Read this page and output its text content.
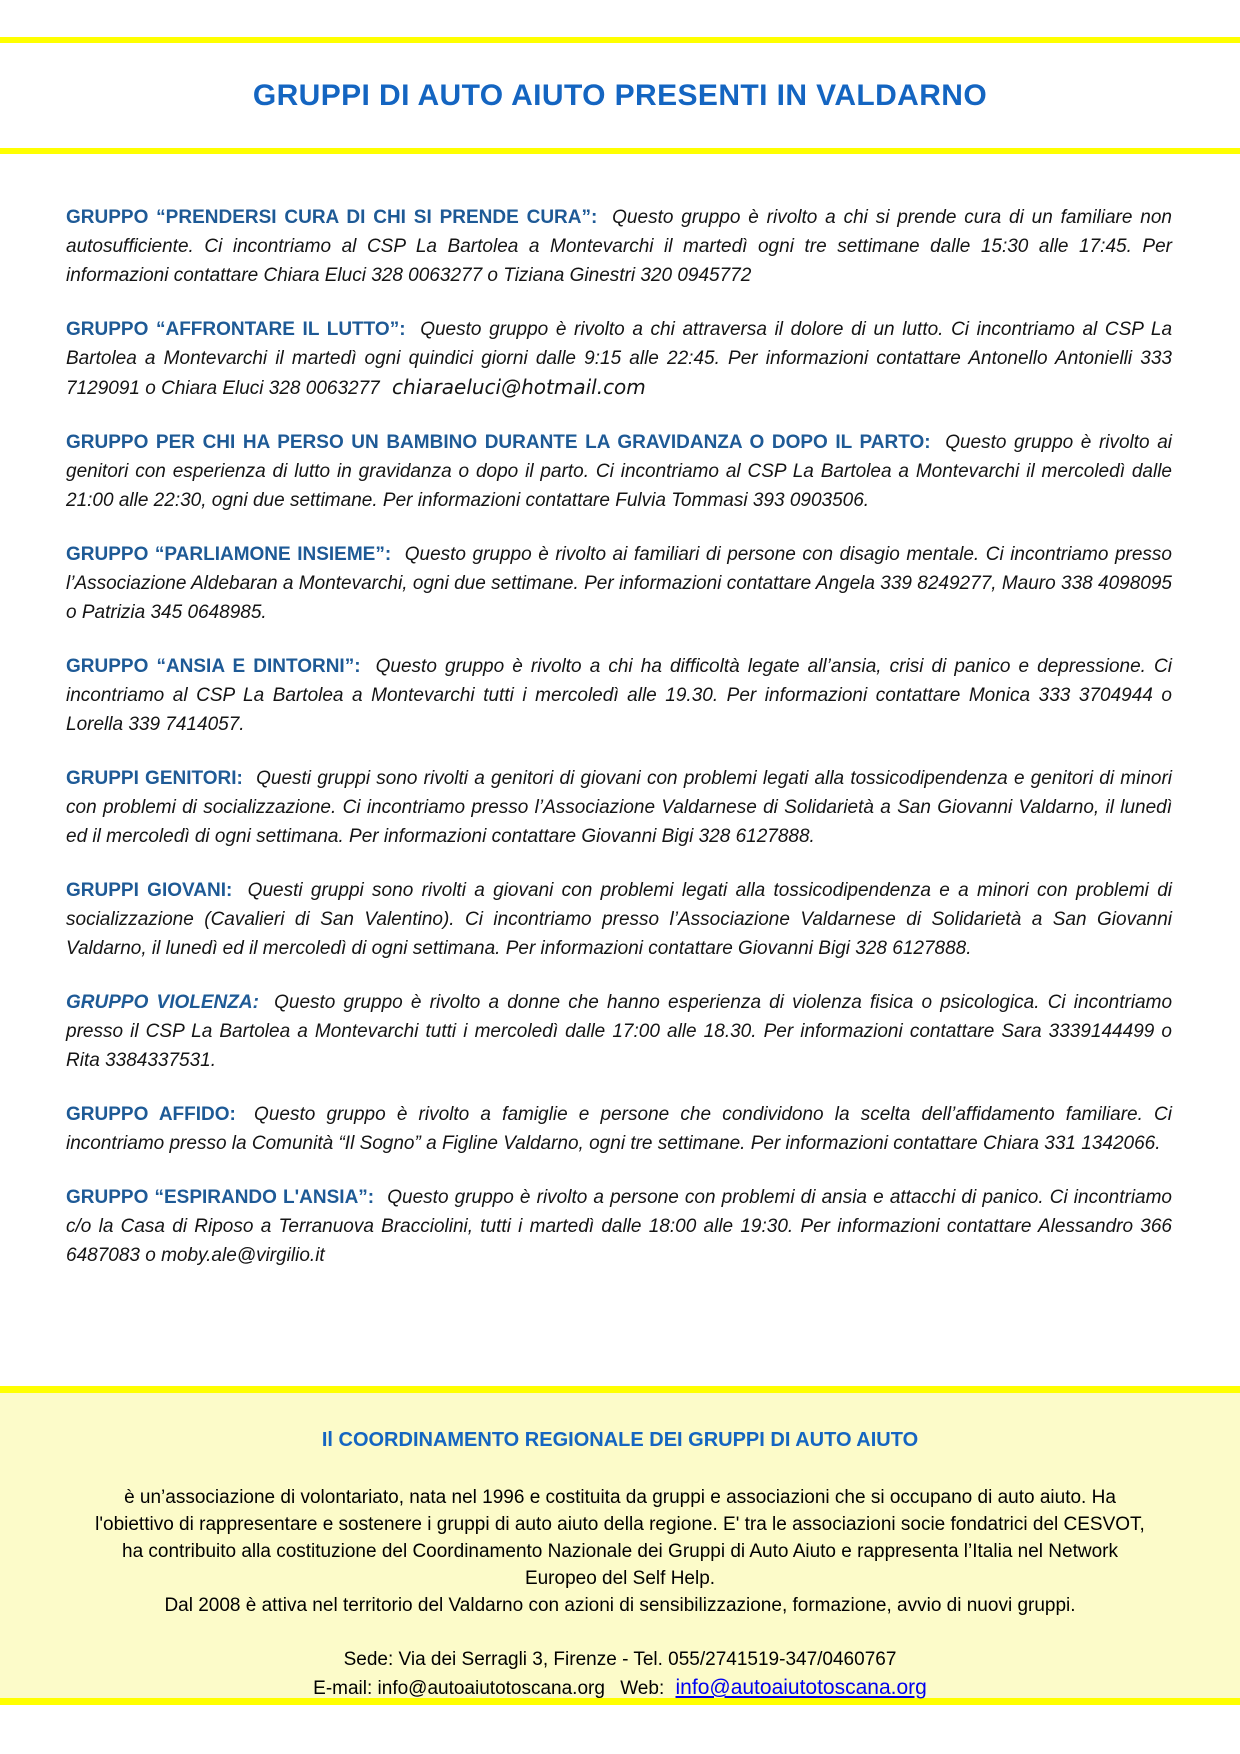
GRUPPI DI AUTO AIUTO PRESENTI IN VALDARNO

GRUPPO “PRENDERSI CURA DI CHI SI PRENDE CURA”: Questo gruppo è rivolto a chi si prende cura di un familiare non autosufficiente. Ci incontriamo al CSP La Bartolea a Montevarchi il martedì ogni tre settimane dalle 15:30 alle 17:45. Per informazioni contattare Chiara Eluci 328 0063277 o Tiziana Ginestri 320 0945772

GRUPPO “AFFRONTARE IL LUTTO”: Questo gruppo è rivolto a chi attraversa il dolore di un lutto. Ci incontriamo al CSP La Bartolea a Montevarchi il martedì ogni quindici giorni dalle 9:15 alle 22:45. Per informazioni contattare Antonello Antonielli 333 7129091 o Chiara Eluci 328 0063277 chiaraeluci@hotmail.com

GRUPPO PER CHI HA PERSO UN BAMBINO DURANTE LA GRAVIDANZA O DOPO IL PARTO: Questo gruppo è rivolto ai genitori con esperienza di lutto in gravidanza o dopo il parto. Ci incontriamo al CSP La Bartolea a Montevarchi il mercoledì dalle 21:00 alle 22:30, ogni due settimane. Per informazioni contattare Fulvia Tommasi 393 0903506.

GRUPPO “PARLIAMONE INSIEME”: Questo gruppo è rivolto ai familiari di persone con disagio mentale. Ci incontriamo presso l’Associazione Aldebaran a Montevarchi, ogni due settimane. Per informazioni contattare Angela 339 8249277, Mauro 338 4098095 o Patrizia 345 0648985.

GRUPPO “ANSIA E DINTORNI”: Questo gruppo è rivolto a chi ha difficoltà legate all’ansia, crisi di panico e depressione. Ci incontriamo al CSP La Bartolea a Montevarchi tutti i mercoledì alle 19.30. Per informazioni contattare Monica 333 3704944 o Lorella 339 7414057.

GRUPPI GENITORI: Questi gruppi sono rivolti a genitori di giovani con problemi legati alla tossicodipendenza e genitori di minori con problemi di socializzazione. Ci incontriamo presso l’Associazione Valdarnese di Solidarietà a San Giovanni Valdarno, il lunedì ed il mercoledì di ogni settimana. Per informazioni contattare Giovanni Bigi 328 6127888.

GRUPPI GIOVANI: Questi gruppi sono rivolti a giovani con problemi legati alla tossicodipendenza e a minori con problemi di socializzazione (Cavalieri di San Valentino). Ci incontriamo presso l’Associazione Valdarnese di Solidarietà a San Giovanni Valdarno, il lunedì ed il mercoledì di ogni settimana. Per informazioni contattare Giovanni Bigi 328 6127888.

GRUPPO VIOLENZA: Questo gruppo è rivolto a donne che hanno esperienza di violenza fisica o psicologica. Ci incontriamo presso il CSP La Bartolea a Montevarchi tutti i mercoledì dalle 17:00 alle 18.30. Per informazioni contattare Sara 3339144499 o Rita 3384337531.

GRUPPO AFFIDO: Questo gruppo è rivolto a famiglie e persone che condividono la scelta dell’affidamento familiare. Ci incontriamo presso la Comunità “Il Sogno” a Figline Valdarno, ogni tre settimane. Per informazioni contattare Chiara 331 1342066.

GRUPPO “ESPIRANDO L'ANSIA”: Questo gruppo è rivolto a persone con problemi di ansia e attacchi di panico. Ci incontriamo c/o la Casa di Riposo a Terranuova Bracciolini, tutti i martedì dalle 18:00 alle 19:30. Per informazioni contattare Alessandro 366 6487083 o moby.ale@virgilio.it

Il COORDINAMENTO REGIONALE DEI GRUPPI DI AUTO AIUTO

è un’associazione di volontariato, nata nel 1996 e costituita da gruppi e associazioni che si occupano di auto aiuto. Ha l'obiettivo di rappresentare e sostenere i gruppi di auto aiuto della regione. E' tra le associazioni socie fondatrici del CESVOT, ha contribuito alla costituzione del Coordinamento Nazionale dei Gruppi di Auto Aiuto e rappresenta l’Italia nel Network Europeo del Self Help.

Dal 2008 è attiva nel territorio del Valdarno con azioni di sensibilizzazione, formazione, avvio di nuovi gruppi.

Sede: Via dei Serragli 3, Firenze - Tel. 055/2741519-347/0460767
E-mail: info@autoaiutotoscana.org Web: info@autoaiutotoscana.org
